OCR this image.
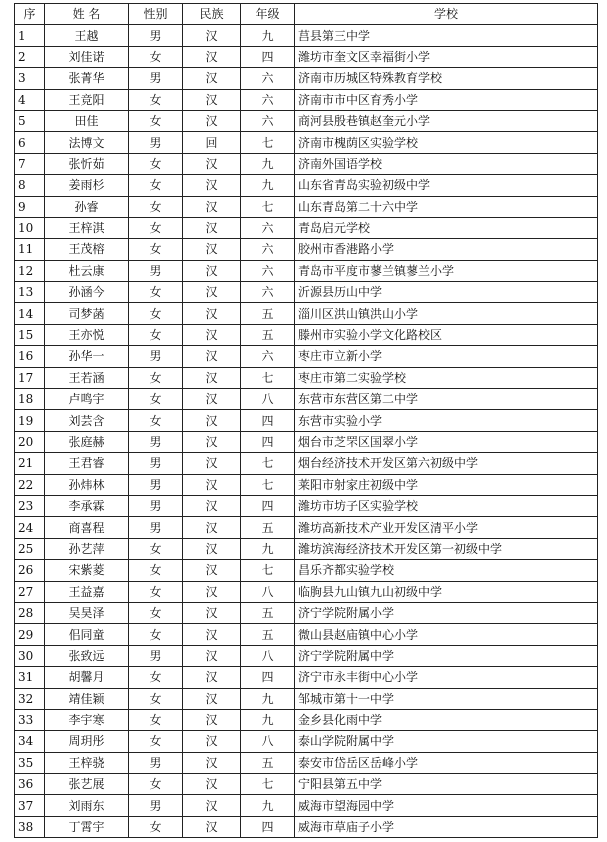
序	姓 名	性别	民族	年级	学校
1	王越	男	汉	九	莒县第三中学
2	刘佳诺	女	汉	四	潍坊市奎文区幸福街小学
3	张菁华	男	汉	六	济南市历城区特殊教育学校
4	王竞阳	女	汉	六	济南市市中区育秀小学
5	田佳	女	汉	六	商河县殷巷镇赵奎元小学
6	法博文	男	回	七	济南市槐荫区实验学校
7	张忻茹	女	汉	九	济南外国语学校
8	姜雨杉	女	汉	九	山东省青岛实验初级中学
9	孙睿	女	汉	七	山东青岛第二十六中学
10	王梓淇	女	汉	六	青岛启元学校
11	王茂榕	女	汉	六	胶州市香港路小学
12	杜云康	男	汉	六	青岛市平度市蓼兰镇蓼兰小学
13	孙涵今	女	汉	六	沂源县历山中学
14	司梦菡	女	汉	五	淄川区洪山镇洪山小学
15	王亦悦	女	汉	五	滕州市实验小学文化路校区
16	孙华一	男	汉	六	枣庄市立新小学
17	王若涵	女	汉	七	枣庄市第二实验学校
18	卢鸣宇	女	汉	八	东营市东营区第二中学
19	刘芸含	女	汉	四	东营市实验小学
20	张庭赫	男	汉	四	烟台市芝罘区国翠小学
21	王君睿	男	汉	七	烟台经济技术开发区第六初级中学
22	孙炜林	男	汉	七	莱阳市射家庄初级中学
23	李承霖	男	汉	四	潍坊市坊子区实验学校
24	商喜程	男	汉	五	潍坊高新技术产业开发区清平小学
25	孙艺萍	女	汉	九	潍坊滨海经济技术开发区第一初级中学
26	宋紫菱	女	汉	七	昌乐齐都实验学校
27	王益嘉	女	汉	八	临朐县九山镇九山初级中学
28	吴昊泽	女	汉	五	济宁学院附属小学
29	佀同童	女	汉	五	微山县赵庙镇中心小学
30	张致远	男	汉	八	济宁学院附属中学
31	胡馨月	女	汉	四	济宁市永丰街中心小学
32	靖佳颖	女	汉	九	邹城市第十一中学
33	李宇寒	女	汉	九	金乡县化雨中学
34	周玥彤	女	汉	八	泰山学院附属中学
35	王梓骁	男	汉	五	泰安市岱岳区岳峰小学
36	张艺展	女	汉	七	宁阳县第五中学
37	刘雨东	男	汉	九	威海市望海园中学
38	丁霄宇	女	汉	四	威海市草庙子小学
